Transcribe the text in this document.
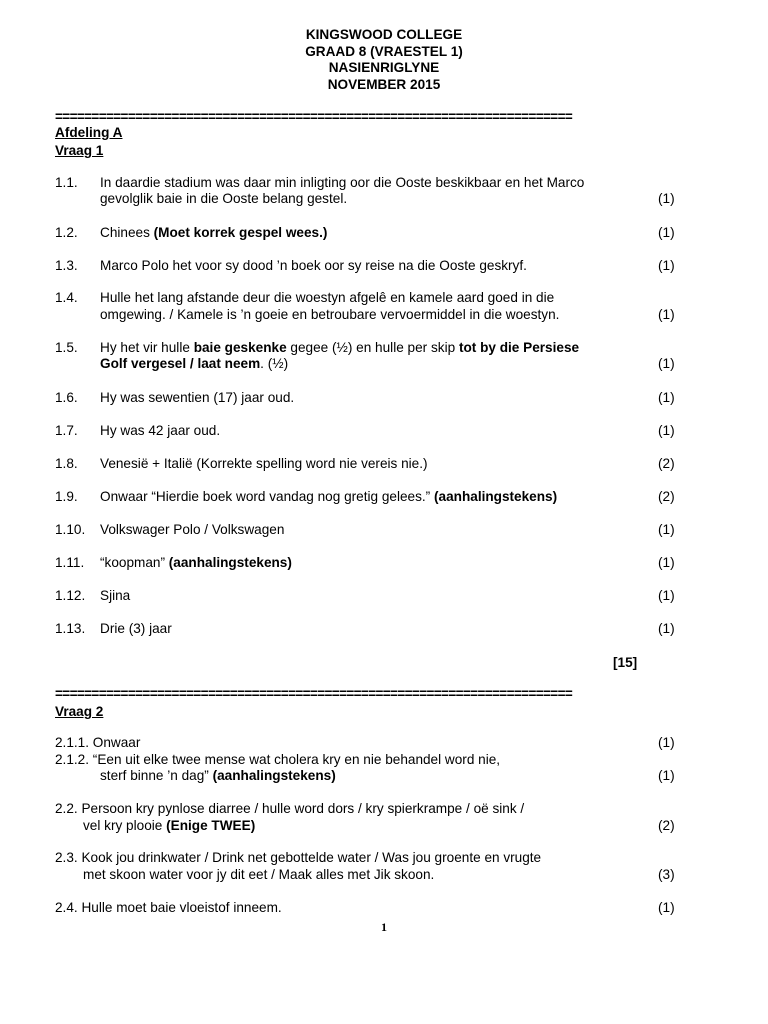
KINGSWOOD COLLEGE
GRAAD 8 (VRAESTEL 1)
NASIENRIGLYNE
NOVEMBER 2015
=======================================================================
Afdeling A
Vraag 1
1.1. In daardie stadium was daar min inligting oor die Ooste beskikbaar en het Marco
gevolglik baie in die Ooste belang gestel.	(1)
1.2. Chinees (Moet korrek gespel wees.)	(1)
1.3. Marco Polo het voor sy dood ’n boek oor sy reise na die Ooste geskryf.	(1)
1.4. Hulle het lang afstande deur die woestyn afgelê en kamele aard goed in die
omgewing. / Kamele is ’n goeie en betroubare vervoermiddel in die woestyn.	(1)
1.5. Hy het vir hulle baie geskenke gegee (½) en hulle per skip tot by die Persiese
Golf vergesel / laat neem. (½)	(1)
1.6. Hy was sewentien (17) jaar oud.	(1)
1.7. Hy was 42 jaar oud.	(1)
1.8. Venesië + Italië (Korrekte spelling word nie vereis nie.)	(2)
1.9. Onwaar “Hierdie boek word vandag nog gretig gelees.” (aanhalingstekens)	(2)
1.10. Volkswager Polo / Volkswagen	(1)
1.11. “koopman” (aanhalingstekens)	(1)
1.12. Sjina	(1)
1.13. Drie (3) jaar	(1)
[15]
=======================================================================
Vraag 2
2.1.1. Onwaar	(1)
2.1.2. “Een uit elke twee mense wat cholera kry en nie behandel word nie,
sterf binne ’n dag” (aanhalingstekens)	(1)
2.2. Persoon kry pynlose diarree / hulle word dors / kry spierkrampe / oë sink /
vel kry plooie (Enige TWEE)	(2)
2.3. Kook jou drinkwater / Drink net gebottelde water / Was jou groente en vrugte
met skoon water voor jy dit eet / Maak alles met Jik skoon.	(3)
2.4. Hulle moet baie vloeistof inneem.	(1)
1
